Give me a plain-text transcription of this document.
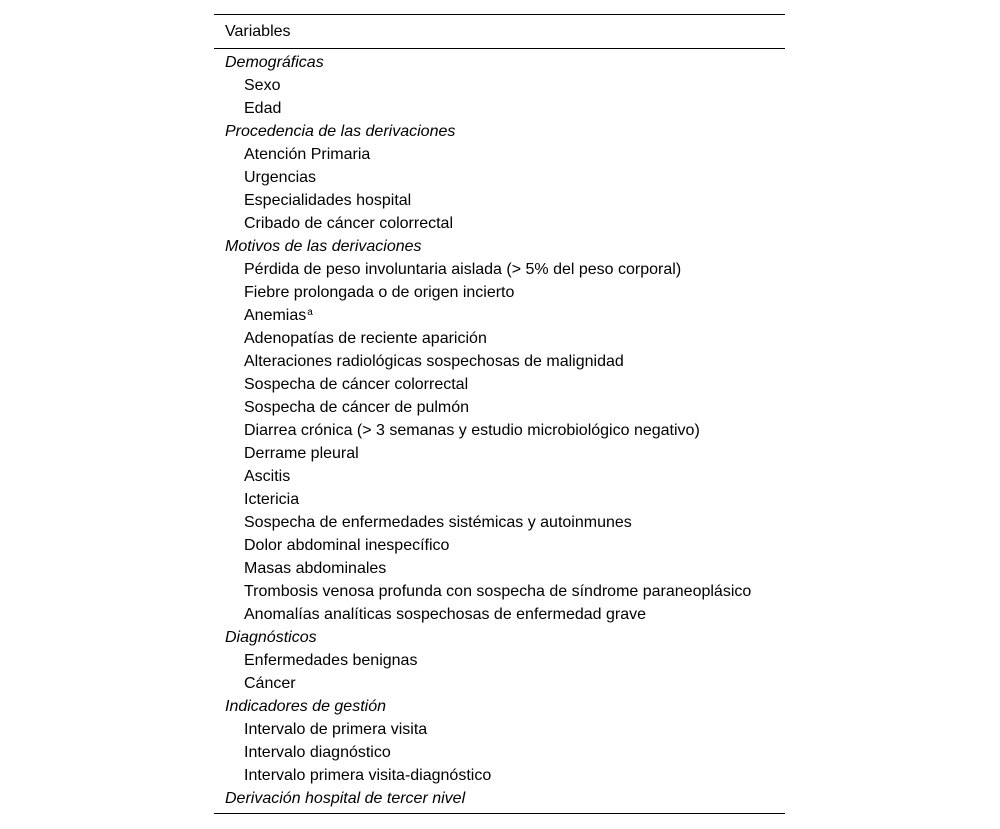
Variables
Demográficas
Sexo
Edad
Procedencia de las derivaciones
Atención Primaria
Urgencias
Especialidades hospital
Cribado de cáncer colorrectal
Motivos de las derivaciones
Pérdida de peso involuntaria aislada (> 5% del peso corporal)
Fiebre prolongada o de origen incierto
Anemias$^a$
Adenopatías de reciente aparición
Alteraciones radiológicas sospechosas de malignidad
Sospecha de cáncer colorrectal
Sospecha de cáncer de pulmón
Diarrea crónica (> 3 semanas y estudio microbiológico negativo)
Derrame pleural
Ascitis
Ictericia
Sospecha de enfermedades sistémicas y autoinmunes
Dolor abdominal inespecífico
Masas abdominales
Trombosis venosa profunda con sospecha de síndrome paraneoplásico
Anomalías analíticas sospechosas de enfermedad grave
Diagnósticos
Enfermedades benignas
Cáncer
Indicadores de gestión
Intervalo de primera visita
Intervalo diagnóstico
Intervalo primera visita-diagnóstico
Derivación hospital de tercer nivel
